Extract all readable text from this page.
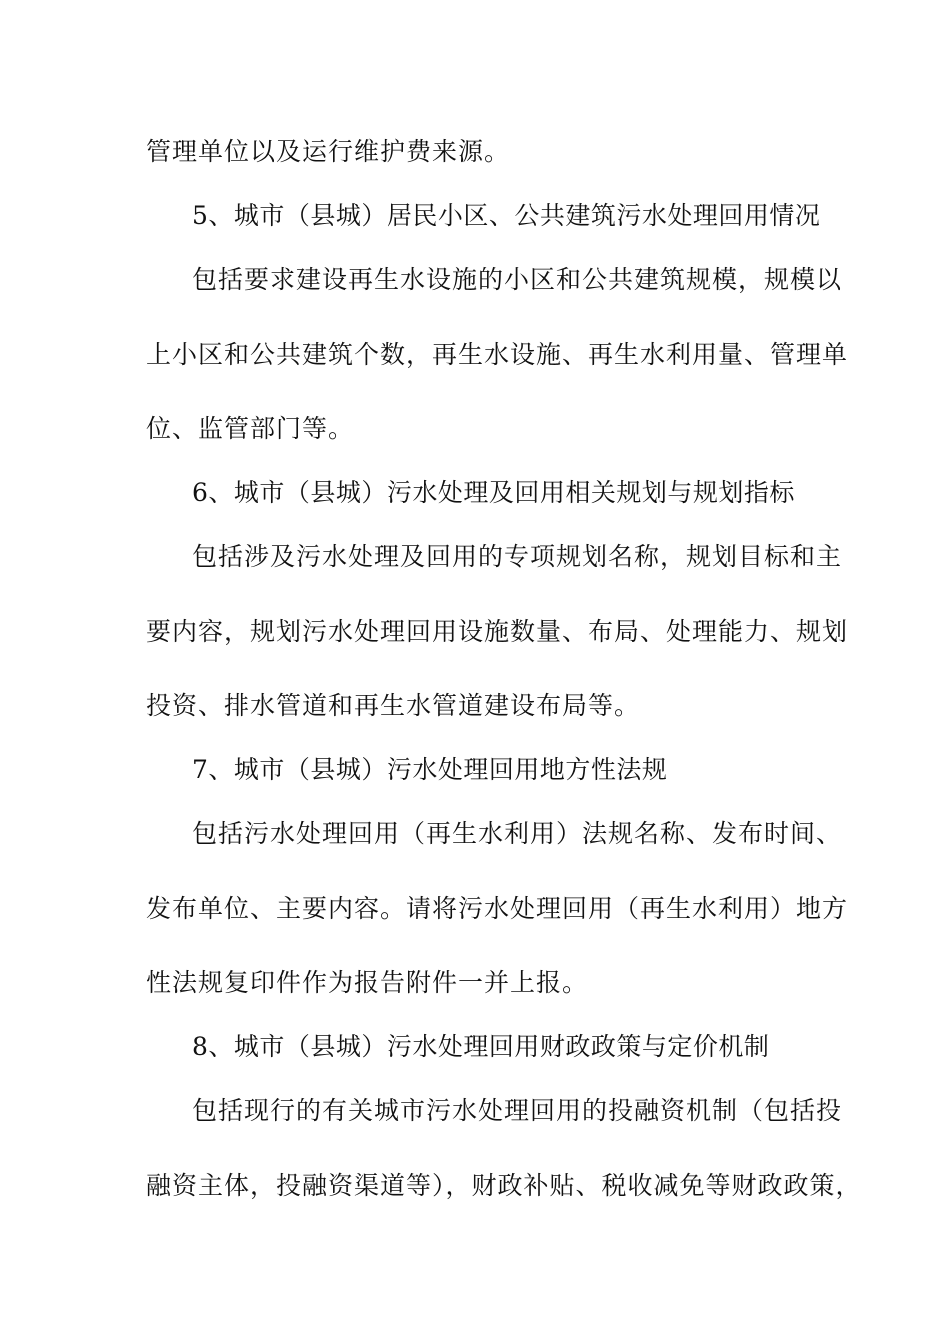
管理单位以及运行维护费来源。
5、城市（县城）居民小区、公共建筑污水处理回用情况
包括要求建设再生水设施的小区和公共建筑规模，规模以
上小区和公共建筑个数，再生水设施、再生水利用量、管理单
位、监管部门等。
6、城市（县城）污水处理及回用相关规划与规划指标
包括涉及污水处理及回用的专项规划名称，规划目标和主
要内容，规划污水处理回用设施数量、布局、处理能力、规划
投资、排水管道和再生水管道建设布局等。
7、城市（县城）污水处理回用地方性法规
包括污水处理回用（再生水利用）法规名称、发布时间、
发布单位、主要内容。请将污水处理回用（再生水利用）地方
性法规复印件作为报告附件一并上报。
8、城市（县城）污水处理回用财政政策与定价机制
包括现行的有关城市污水处理回用的投融资机制（包括投
融资主体，投融资渠道等），财政补贴、税收减免等财政政策，
